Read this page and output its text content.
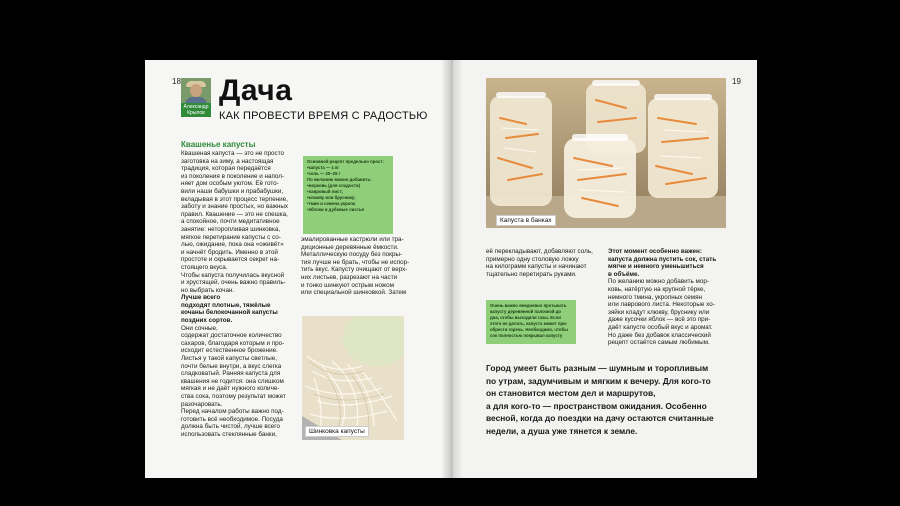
18
Александр Крылов
Дача
КАК ПРОВЕСТИ ВРЕМЯ С РАДОСТЬЮ
Квашенье капусты
Квашеная капуста — это не просто
заготовка на зиму, а настоящая
традиция, которая передаётся
из поколения в поколение и напол-
няет дом особым уютом. Её гото-
вили наши бабушки и прабабушки,
вкладывая в этот процесс терпение,
заботу и знание простых, но важных
правил. Квашение — это не спешка,
а спокойное, почти медитативное
занятие: неторопливая шинковка,
мягкое перетирание капусты с со-
лью, ожидание, пока она «оживёт»
и начнёт бродить. Именно в этой
простоте и скрывается секрет на-
стоящего вкуса.
Чтобы капуста получилась вкусной
и хрустящей, очень важно правиль-
но выбрать кочан.
Лучше всего
подходят плотные, тяжёлые
кочаны белокочанной капусты
поздних сортов.
Они сочные,
содержат достаточное количество
сахаров, благодаря которым и про-
исходит естественное брожение.
Листья у такой капусты светлые,
почти белые внутри, а вкус слегка
сладковатый. Ранняя капуста для
квашения не годится: она слишком
мягкая и не даёт нужного количе-
ства сока, поэтому результат может
разочаровать.
Перед началом работы важно под-
готовить всё необходимое. Посуда
должна быть чистой, лучше всего
использовать стеклянные банки,
Основной рецепт предельно прост:
•капуста — 1 кг
•соль — 20–25 г
По желанию можно добавить:
•морковь (для сладости)
•лавровый лист;
•клюкву или бруснику;
•тмин и семена укропа
•яблоки и дубовые листья
эмалированные кастрюли или тра-
диционные деревянные ёмкости.
Металлическую посуду без покры-
тия лучше не брать, чтобы не испор-
тить вкус. Капусту очищают от верх-
них листьев, разрезают на части
и тонко шинкуют острым ножом
или специальной шинковкой. Затем
Шинковка капусты
19
Капуста в банках
её перекладывают, добавляют соль,
примерно одну столовую ложку
на килограмм капусты и начинают
тщательно перетирать руками.
Очень важно ежедневно протыкать
капусту деревянной палочкой до
дна, чтобы выходили газы. Если
этого не делать, капуста может при-
обрести горечь. Необходимо, чтобы
сок полностью покрывал капусту
Этот момент особенно важен:
капуста должна пустить сок, стать
мягче и немного уменьшиться
в объёме.
По желанию можно добавить мор-
ковь, натёртую на крупной тёрке,
немного тмина, укропных семян
или лаврового листа. Некоторые хо-
зяйки кладут клюкву, бруснику или
даже кусочки яблок — всё это при-
даёт капусте особый вкус и аромат.
Но даже без добавок классический
рецепт остаётся самым любимым.
Город умеет быть разным — шумным и торопливым
по утрам, задумчивым и мягким к вечеру. Для кого-то
он становится местом дел и маршрутов,
а для кого-то — пространством ожидания. Особенно
весной, когда до поездки на дачу остаются считанные
недели, а душа уже тянется к земле.
